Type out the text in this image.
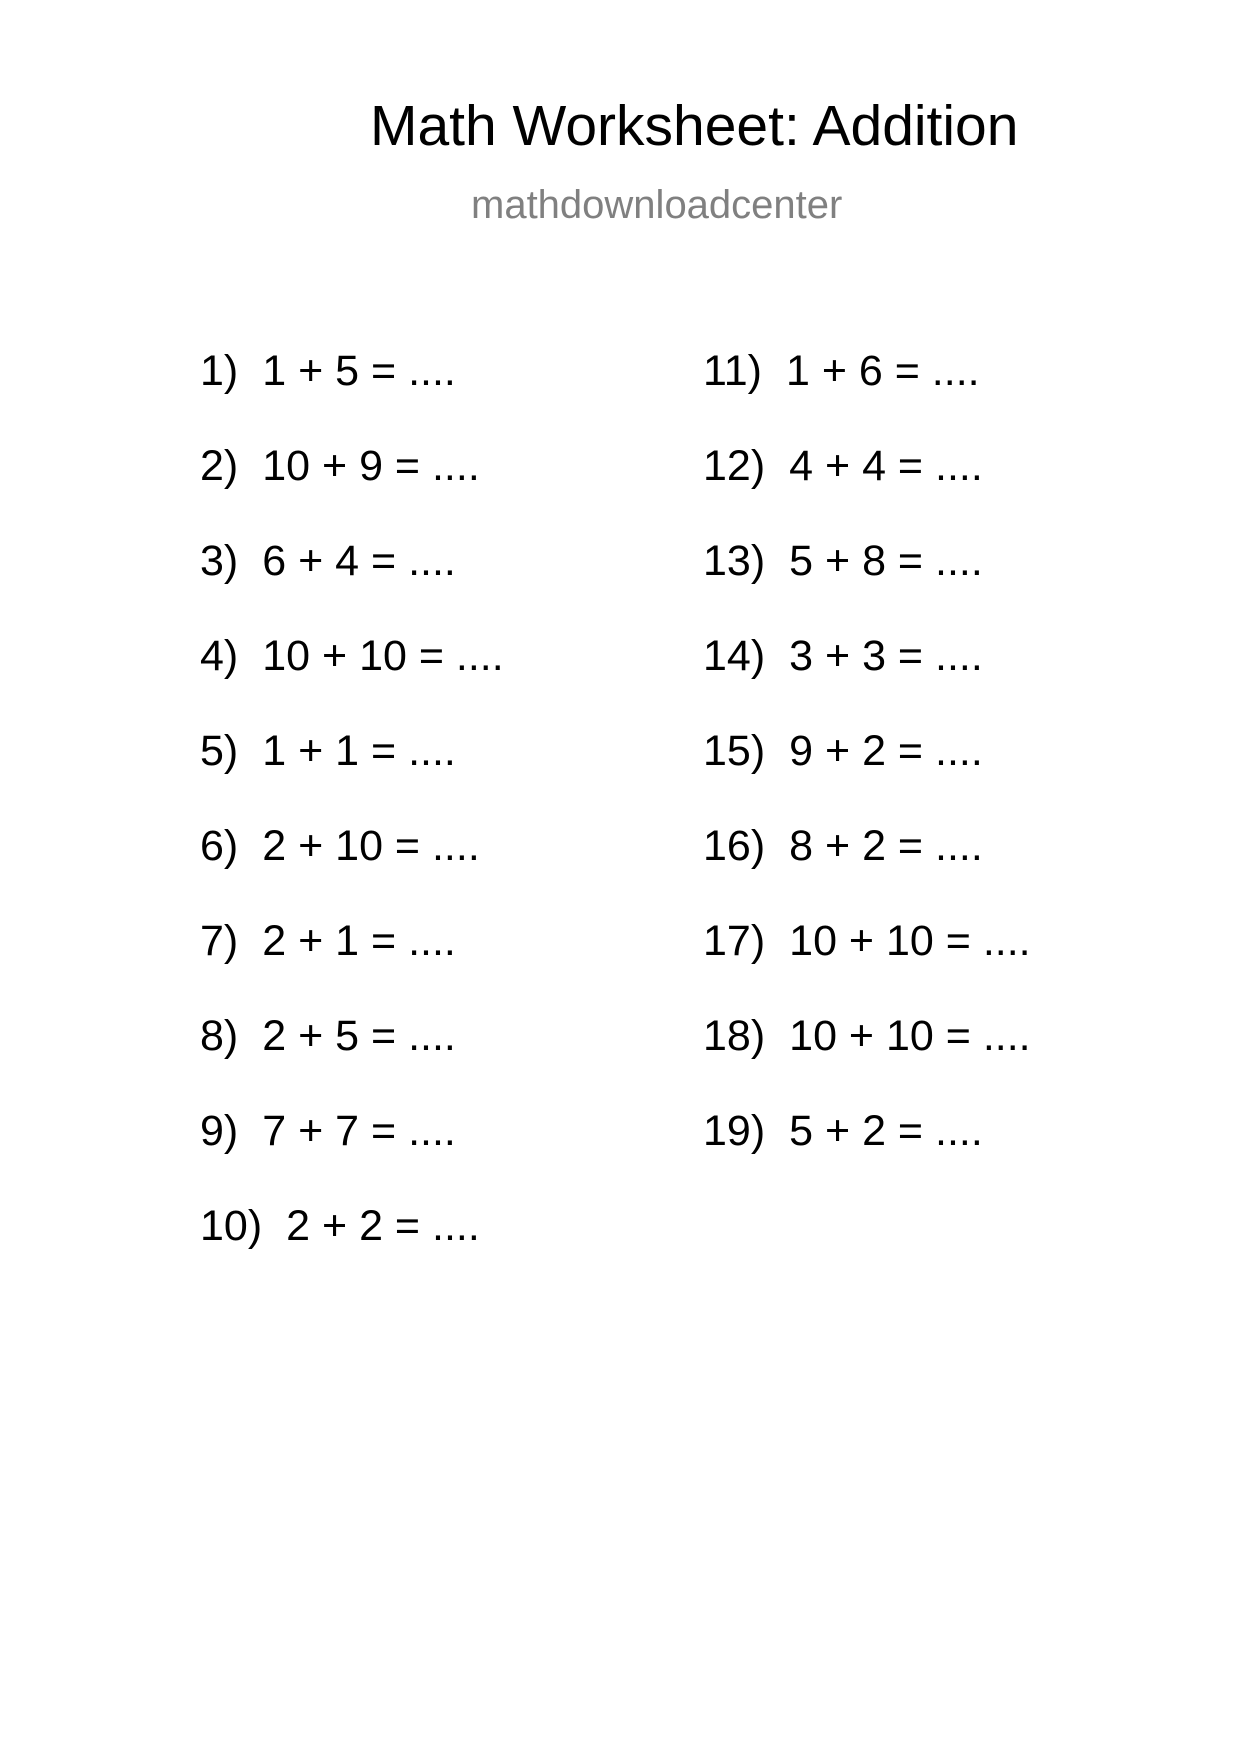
Math Worksheet: Addition
mathdownloadcenter
1) 1 + 5 = ....
2) 10 + 9 = ....
3) 6 + 4 = ....
4) 10 + 10 = ....
5) 1 + 1 = ....
6) 2 + 10 = ....
7) 2 + 1 = ....
8) 2 + 5 = ....
9) 7 + 7 = ....
10) 2 + 2 = ....
11) 1 + 6 = ....
12) 4 + 4 = ....
13) 5 + 8 = ....
14) 3 + 3 = ....
15) 9 + 2 = ....
16) 8 + 2 = ....
17) 10 + 10 = ....
18) 10 + 10 = ....
19) 5 + 2 = ....
